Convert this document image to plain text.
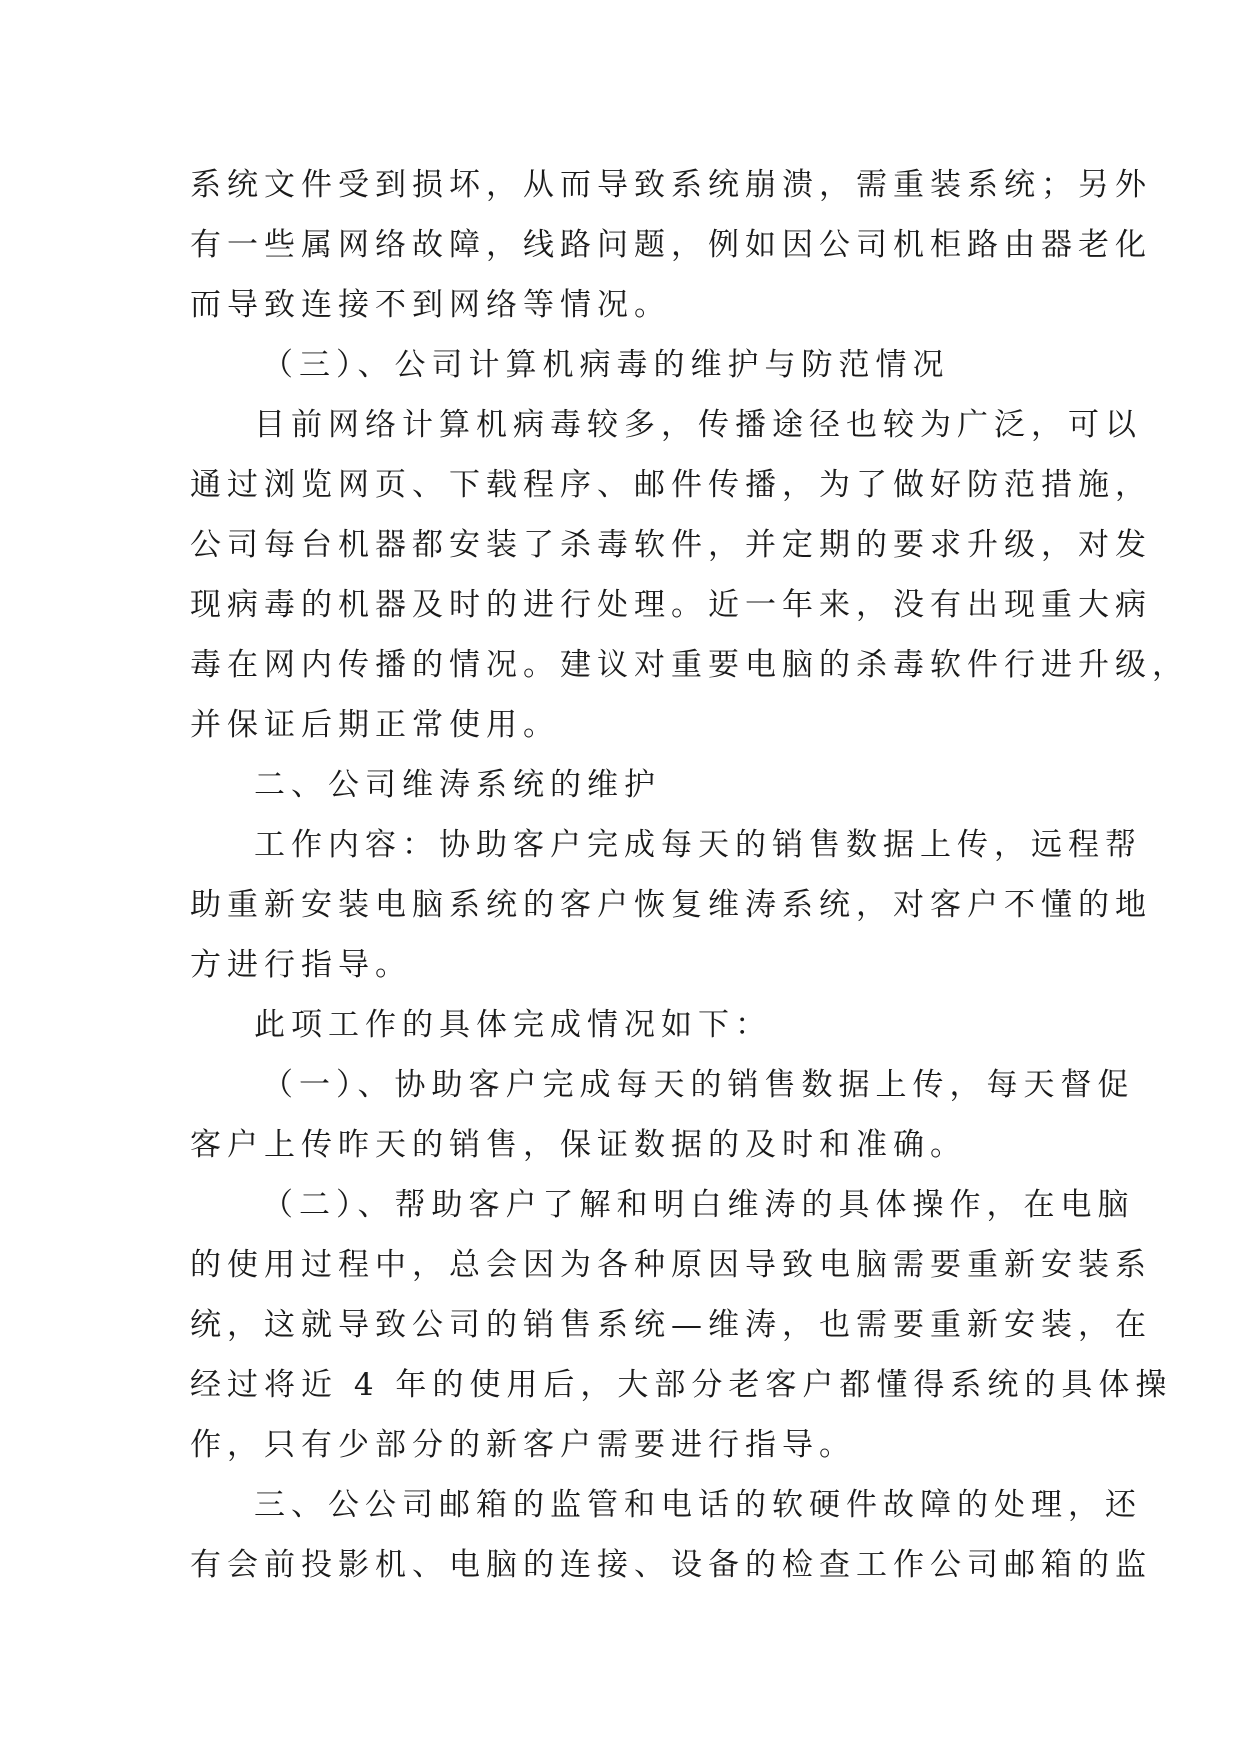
系统文件受到损坏，从而导致系统崩溃，需重装系统；另外
有一些属网络故障，线路问题，例如因公司机柜路由器老化
而导致连接不到网络等情况。
（三）、公司计算机病毒的维护与防范情况
目前网络计算机病毒较多，传播途径也较为广泛，可以
通过浏览网页、下载程序、邮件传播，为了做好防范措施，
公司每台机器都安装了杀毒软件，并定期的要求升级，对发
现病毒的机器及时的进行处理。近一年来，没有出现重大病
毒在网内传播的情况。建议对重要电脑的杀毒软件行进升级，
并保证后期正常使用。
二、公司维涛系统的维护
工作内容：协助客户完成每天的销售数据上传，远程帮
助重新安装电脑系统的客户恢复维涛系统，对客户不懂的地
方进行指导。
此项工作的具体完成情况如下：
（一）、协助客户完成每天的销售数据上传，每天督促
客户上传昨天的销售，保证数据的及时和准确。
（二）、帮助客户了解和明白维涛的具体操作，在电脑
的使用过程中，总会因为各种原因导致电脑需要重新安装系
统，这就导致公司的销售系统—维涛，也需要重新安装，在
经过将近 4 年的使用后，大部分老客户都懂得系统的具体操
作，只有少部分的新客户需要进行指导。
三、公公司邮箱的监管和电话的软硬件故障的处理，还
有会前投影机、电脑的连接、设备的检查工作公司邮箱的监
